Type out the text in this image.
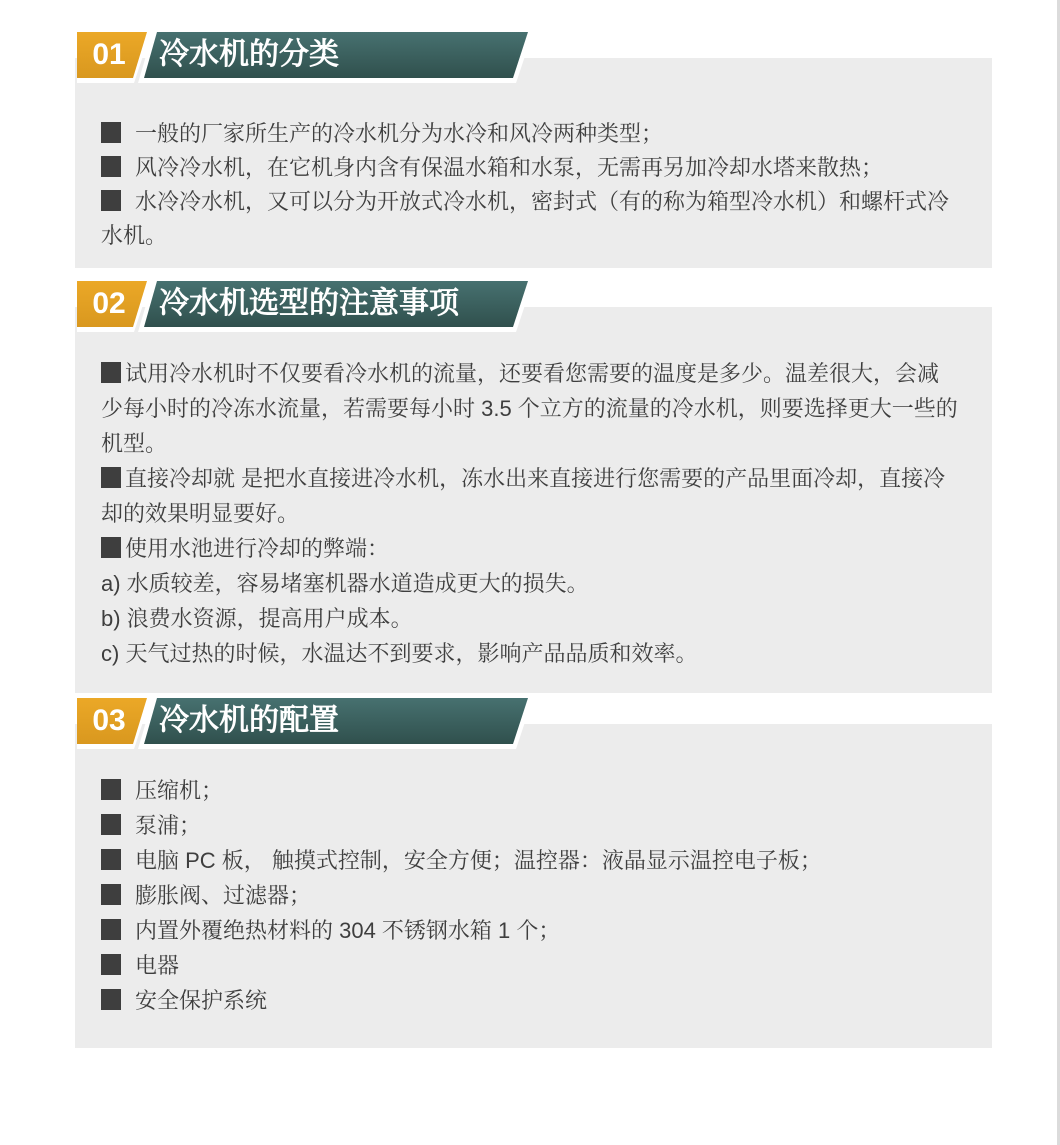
一般的厂家所生产的冷水机分为水冷和风冷两种类型；
风冷冷水机，在它机身内含有保温水箱和水泵，无需再另加冷却水塔来散热；
水冷冷水机，又可以分为开放式冷水机，密封式（有的称为箱型冷水机）和螺杆式冷水机。
01	冷水机的分类
试用冷水机时不仅要看冷水机的流量，还要看您需要的温度是多少。温差很大，会减少每小时的冷冻水流量，若需要每小时 3.5 个立方的流量的冷水机，则要选择更大一些的机型。
直接冷却就 是把水直接进冷水机，冻水出来直接进行您需要的产品里面冷却，直接冷却的效果明显要好。
使用水池进行冷却的弊端：
a) 水质较差，容易堵塞机器水道造成更大的损失。
b) 浪费水资源，提高用户成本。
c) 天气过热的时候，水温达不到要求，影响产品品质和效率。
02	冷水机选型的注意事项
压缩机；
泵浦；
电脑 PC 板， 触摸式控制，安全方便；温控器：液晶显示温控电子板；
膨胀阀、过滤器；
内置外覆绝热材料的 304 不锈钢水箱 1 个；
电器
安全保护系统
03	冷水机的配置
